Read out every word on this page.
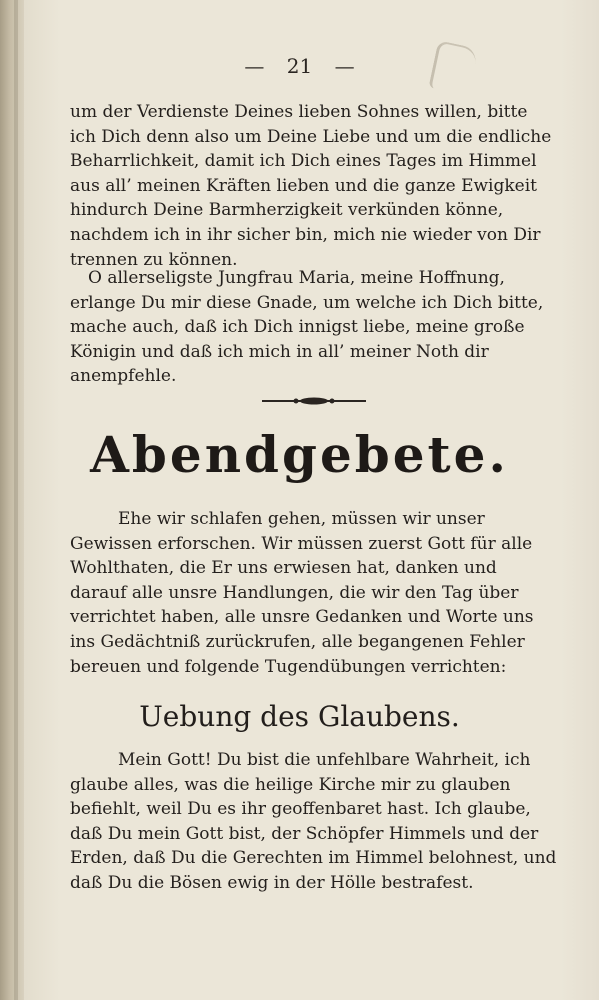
— 21 —
um der Verdienste Deines lieben Sohnes willen, bitte ich Dich denn also um Deine Liebe und um die endliche Beharrlichkeit, damit ich Dich eines Tages im Himmel aus all’ meinen Kräften lieben und die ganze Ewigkeit hindurch Deine Barmherzigkeit verkünden könne, nachdem ich in ihr sicher bin, mich nie wieder von Dir trennen zu können.
O allerseligste Jungfrau Maria, meine Hoffnung, erlange Du mir diese Gnade, um welche ich Dich bitte, mache auch, daß ich Dich innigst liebe, meine große Königin und daß ich mich in all’ meiner Noth dir anempfehle.
Abendgebete.
Ehe wir schlafen gehen, müssen wir unser Gewissen erforschen. Wir müssen zuerst Gott für alle Wohlthaten, die Er uns erwiesen hat, danken und darauf alle unsre Handlungen, die wir den Tag über verrichtet haben, alle unsre Gedanken und Worte uns ins Gedächtniß zurückrufen, alle begangenen Fehler bereuen und folgende Tugendübungen verrichten:
Uebung des Glaubens.
Mein Gott! Du bist die unfehlbare Wahrheit, ich glaube alles, was die heilige Kirche mir zu glauben befiehlt, weil Du es ihr geoffenbaret hast. Ich glaube, daß Du mein Gott bist, der Schöpfer Himmels und der Erden, daß Du die Gerechten im Himmel belohnest, und daß Du die Bösen ewig in der Hölle bestrafest.
